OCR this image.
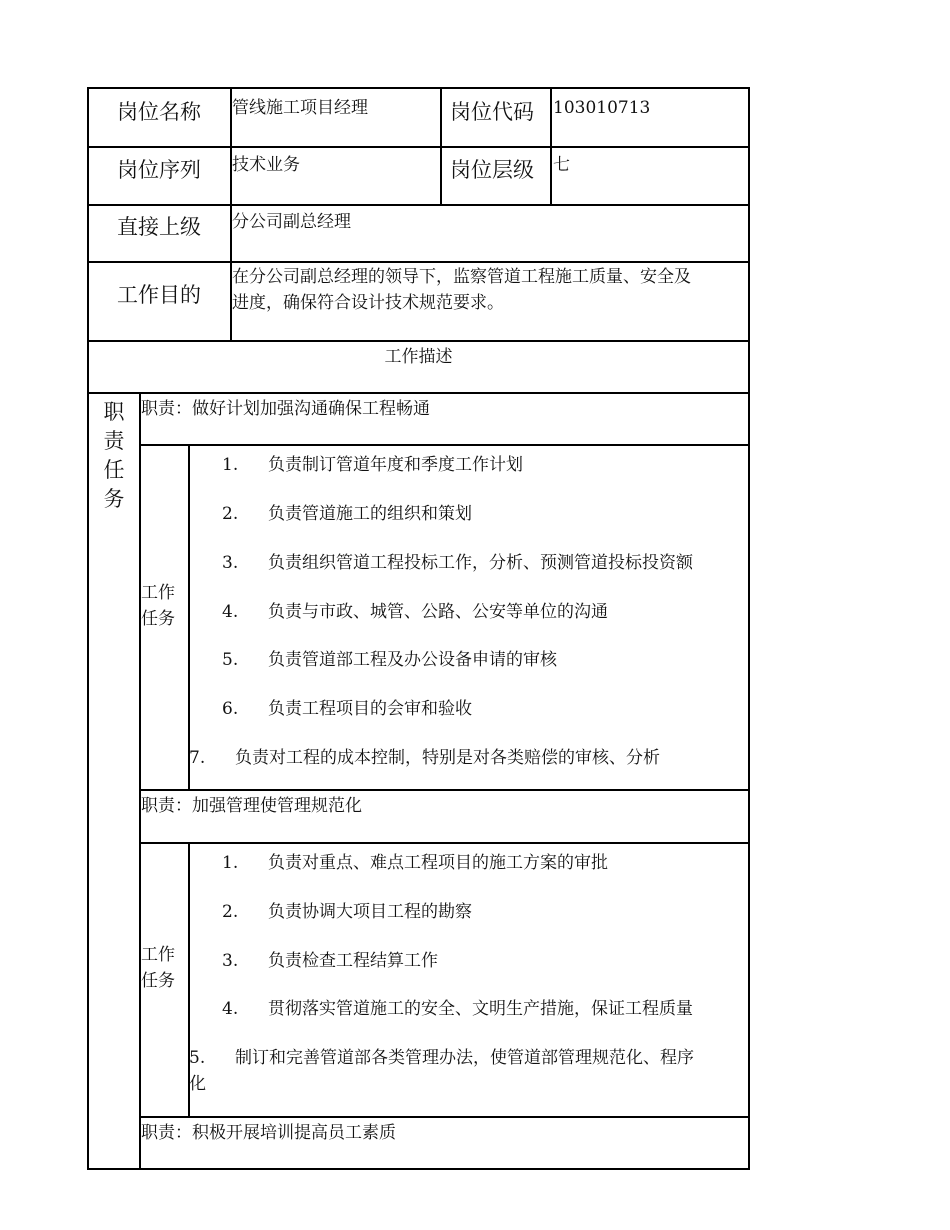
岗位名称 管线施工项目经理	岗位代码 103010713
岗位序列 技术业务	岗位层级 七
直接上级 分公司副总经理
工作目的
在分公司副总经理的领导下，监察管道工程施工质量、安全及
进度，确保符合设计技术规范要求。
工作描述
职
责
任
务
职责：做好计划加强沟通确保工程畅通
工作
任务
1. 负责制订管道年度和季度工作计划
2. 负责管道施工的组织和策划
3. 负责组织管道工程投标工作，分析、预测管道投标投资额
4. 负责与市政、城管、公路、公安等单位的沟通
5. 负责管道部工程及办公设备申请的审核
6. 负责工程项目的会审和验收
7. 负责对工程的成本控制，特别是对各类赔偿的审核、分析
职责：加强管理使管理规范化
工作
任务
1. 负责对重点、难点工程项目的施工方案的审批
2. 负责协调大项目工程的勘察
3. 负责检查工程结算工作
4. 贯彻落实管道施工的安全、文明生产措施，保证工程质量
5. 制订和完善管道部各类管理办法，使管道部管理规范化、程序
化
职责：积极开展培训提高员工素质
